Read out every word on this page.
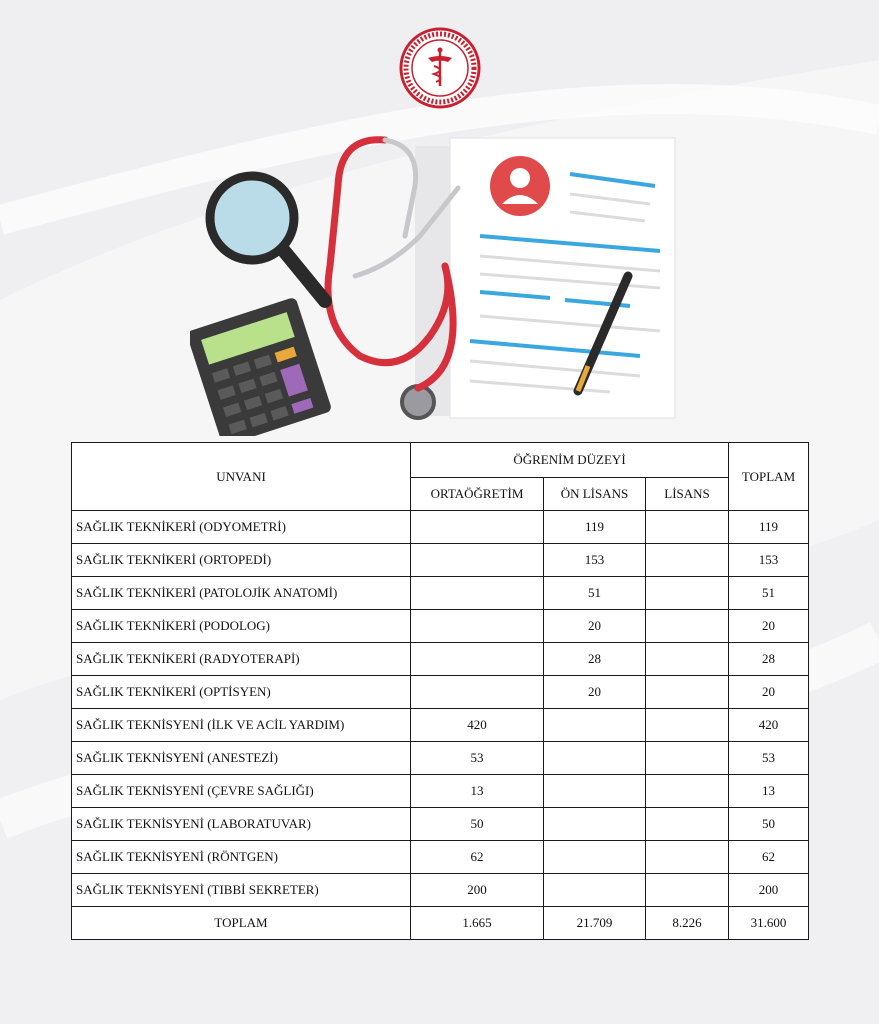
UNVANI	ÖĞRENİM DÜZEYİ			TOPLAM
	ORTAÖĞRETİM	ÖN LİSANS	LİSANS	
SAĞLIK TEKNİKERİ (ODYOMETRİ)		119		119
SAĞLIK TEKNİKERİ (ORTOPEDİ)		153		153
SAĞLIK TEKNİKERİ (PATOLOJİK ANATOMİ)		51		51
SAĞLIK TEKNİKERİ (PODOLOG)		20		20
SAĞLIK TEKNİKERİ (RADYOTERAPİ)		28		28
SAĞLIK TEKNİKERİ (OPTİSYEN)		20		20
SAĞLIK TEKNİSYENİ (İLK VE ACİL YARDIM)	420			420
SAĞLIK TEKNİSYENİ (ANESTEZİ)	53			53
SAĞLIK TEKNİSYENİ (ÇEVRE SAĞLIĞI)	13			13
SAĞLIK TEKNİSYENİ (LABORATUVAR)	50			50
SAĞLIK TEKNİSYENİ (RÖNTGEN)	62			62
SAĞLIK TEKNİSYENİ (TIBBİ SEKRETER)	200			200
TOPLAM	1.665	21.709	8.226	31.600
